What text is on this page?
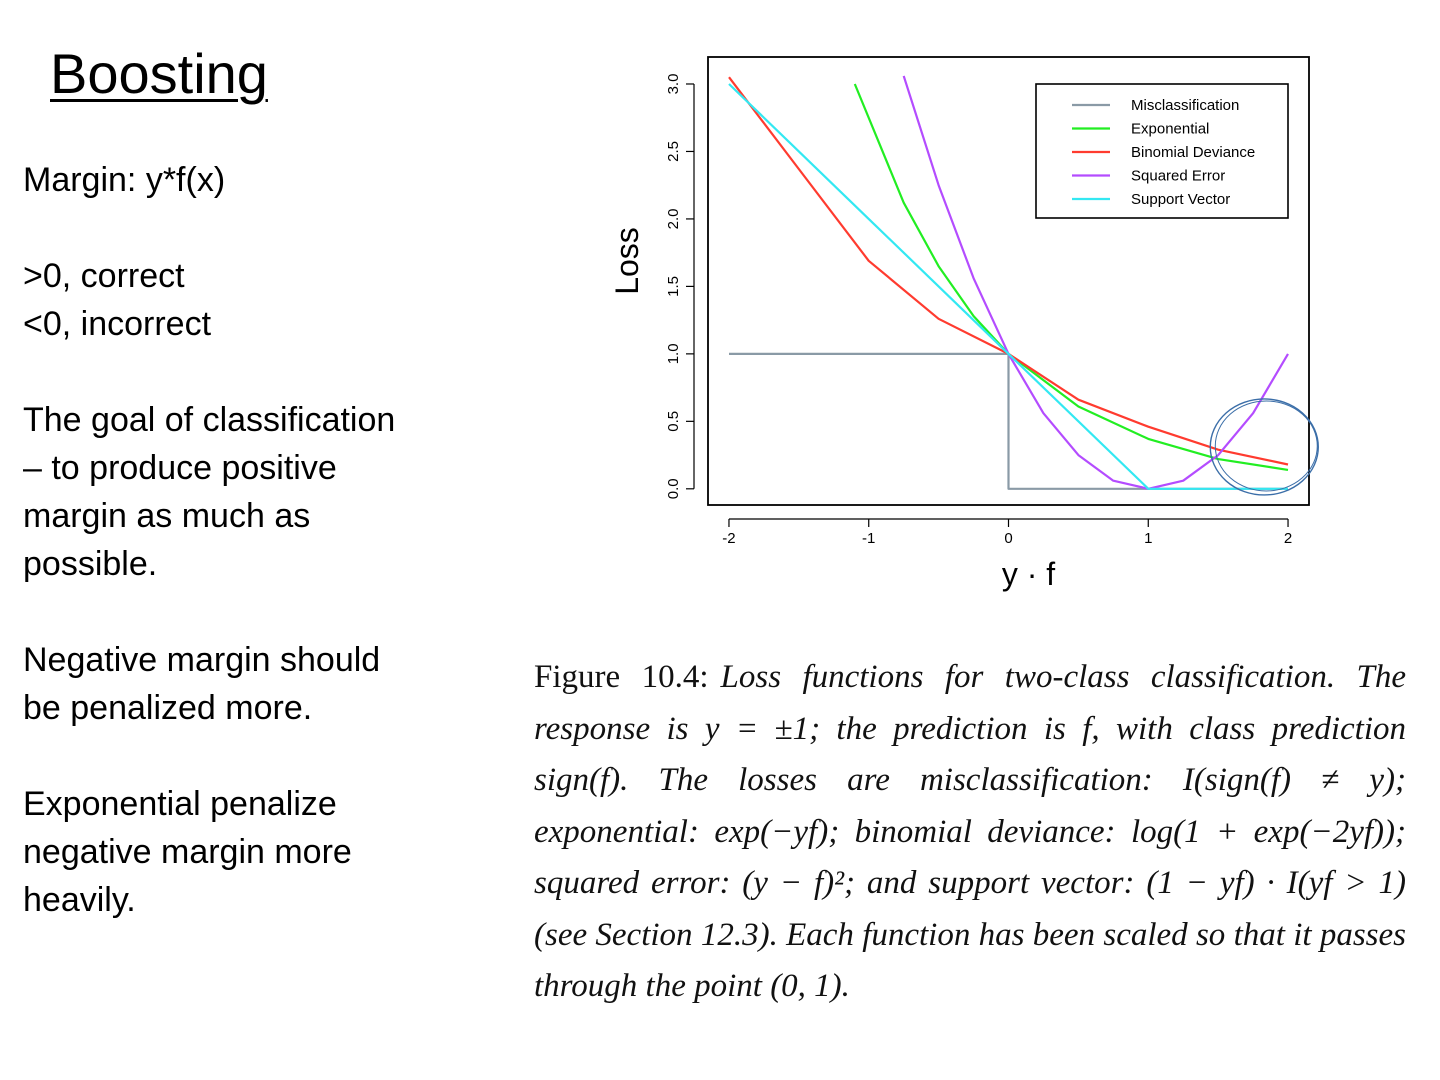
Boosting
Margin: y*f(x)
>0, correct
<0, incorrect
The goal of classification
– to produce positive
margin as much as
possible.
Negative margin should
be penalized more.
Exponential penalize
negative margin more
heavily.
-2	-1	0	1	2
0.0
0.5
1.0
1.5
2.0
2.5
3.0
y · f
Loss
Misclassification
Exponential
Binomial Deviance
Squared Error
Support Vector

Figure 10.4: Loss functions for two-class classification. The response is y = ±1; the prediction is f, with class prediction sign(f). The losses are misclassification: I(sign(f) ≠ y); exponential: exp(−yf); binomial deviance: log(1 + exp(−2yf)); squared error: (y − f)²; and support vector: (1 − yf) · I(yf > 1) (see Section 12.3). Each function has been scaled so that it passes through the point (0, 1).
